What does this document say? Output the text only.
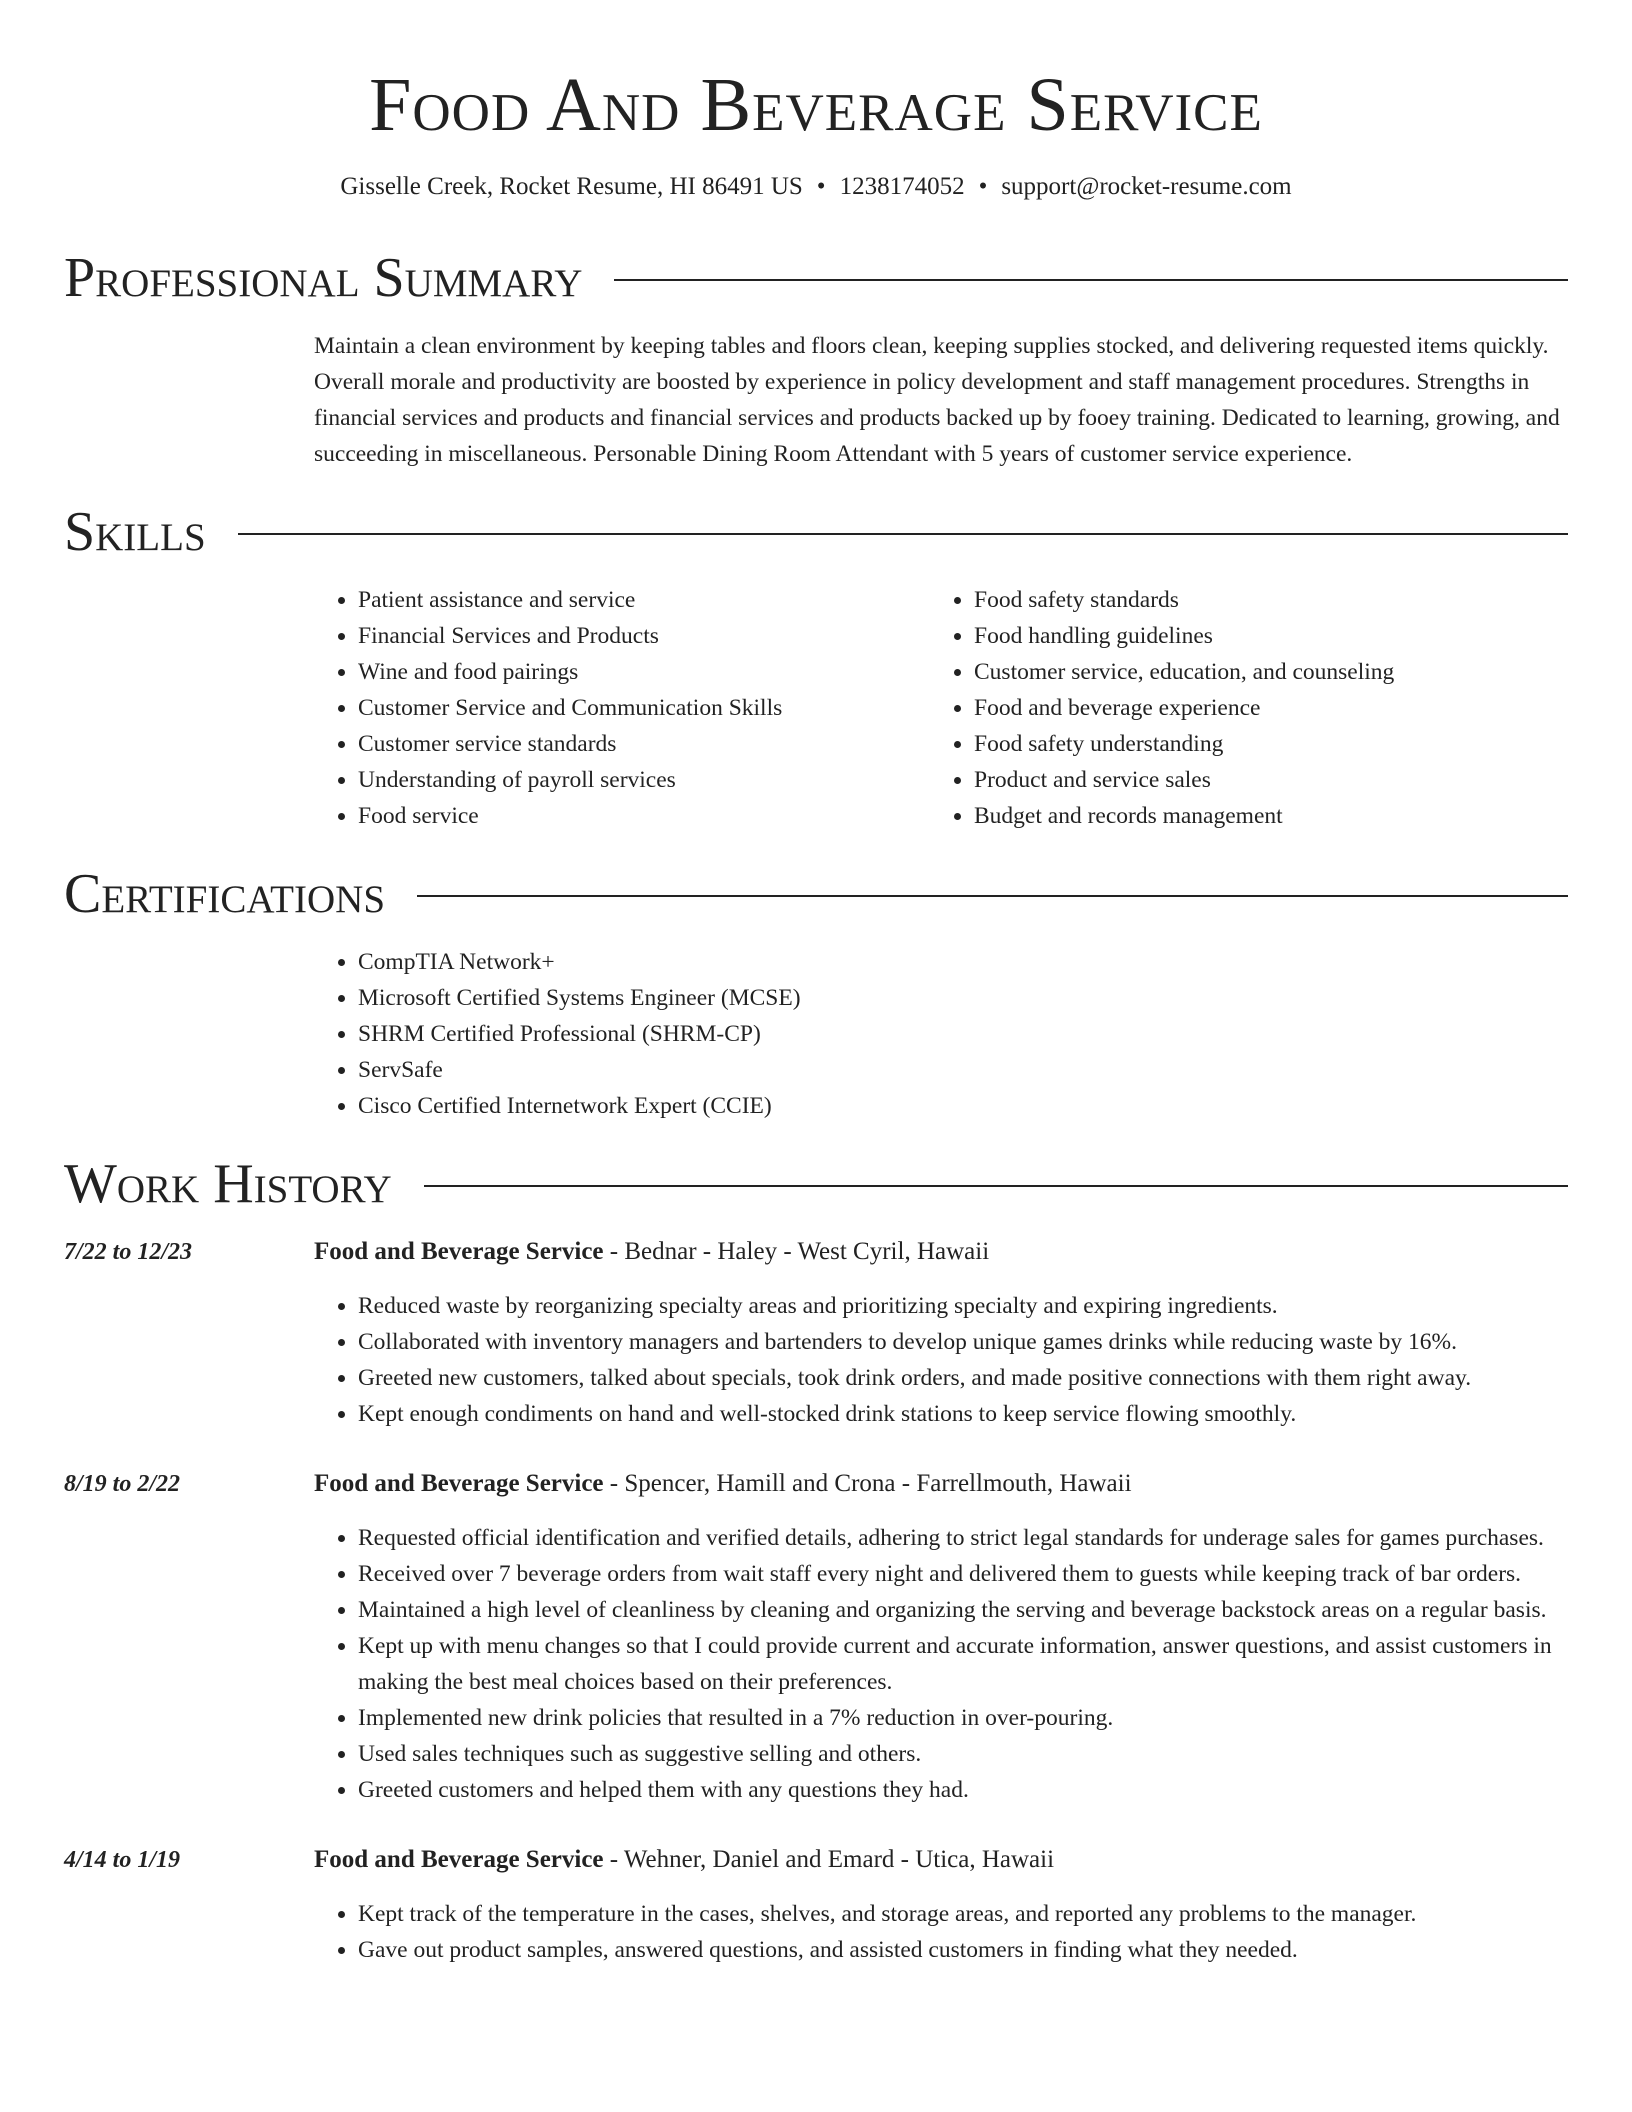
Food And Beverage Service
Gisselle Creek, Rocket Resume, HI 86491 US • 1238174052 • support@rocket-resume.com
Professional Summary
Maintain a clean environment by keeping tables and floors clean, keeping supplies stocked, and delivering requested items quickly. Overall morale and productivity are boosted by experience in policy development and staff management procedures. Strengths in financial services and products and financial services and products backed up by fooey training. Dedicated to learning, growing, and succeeding in miscellaneous. Personable Dining Room Attendant with 5 years of customer service experience.
Skills
• Patient assistance and service
• Financial Services and Products
• Wine and food pairings
• Customer Service and Communication Skills
• Customer service standards
• Understanding of payroll services
• Food service
• Food safety standards
• Food handling guidelines
• Customer service, education, and counseling
• Food and beverage experience
• Food safety understanding
• Product and service sales
• Budget and records management
Certifications
• CompTIA Network+
• Microsoft Certified Systems Engineer (MCSE)
• SHRM Certified Professional (SHRM-CP)
• ServSafe
• Cisco Certified Internetwork Expert (CCIE)
Work History
7/22 to 12/23	Food and Beverage Service - Bednar - Haley - West Cyril, Hawaii
• Reduced waste by reorganizing specialty areas and prioritizing specialty and expiring ingredients.
• Collaborated with inventory managers and bartenders to develop unique games drinks while reducing waste by 16%.
• Greeted new customers, talked about specials, took drink orders, and made positive connections with them right away.
• Kept enough condiments on hand and well-stocked drink stations to keep service flowing smoothly.
8/19 to 2/22	Food and Beverage Service - Spencer, Hamill and Crona - Farrellmouth, Hawaii
• Requested official identification and verified details, adhering to strict legal standards for underage sales for games purchases.
• Received over 7 beverage orders from wait staff every night and delivered them to guests while keeping track of bar orders.
• Maintained a high level of cleanliness by cleaning and organizing the serving and beverage backstock areas on a regular basis.
• Kept up with menu changes so that I could provide current and accurate information, answer questions, and assist customers in making the best meal choices based on their preferences.
• Implemented new drink policies that resulted in a 7% reduction in over-pouring.
• Used sales techniques such as suggestive selling and others.
• Greeted customers and helped them with any questions they had.
4/14 to 1/19	Food and Beverage Service - Wehner, Daniel and Emard - Utica, Hawaii
• Kept track of the temperature in the cases, shelves, and storage areas, and reported any problems to the manager.
• Gave out product samples, answered questions, and assisted customers in finding what they needed.
